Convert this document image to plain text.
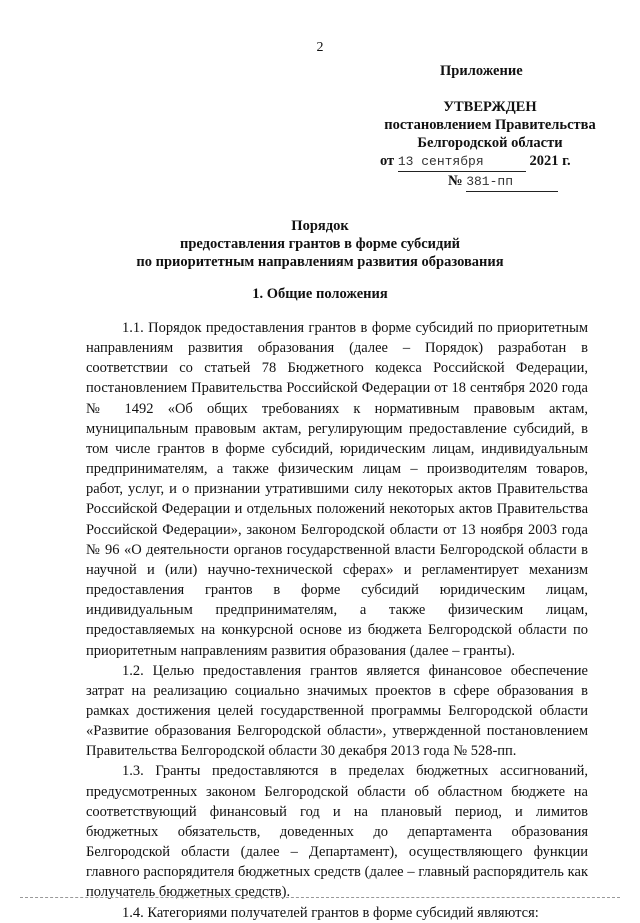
2
Приложение
УТВЕРЖДЕН
постановлением Правительства
Белгородской области
от 13 сентября	2021 г.
№ 381-пп
Порядок
предоставления грантов в форме субсидий
по приоритетным направлениям развития образования
1. Общие положения

1.1. Порядок предоставления грантов в форме субсидий по приоритетным направлениям развития образования (далее – Порядок) разработан в соответствии со статьей 78 Бюджетного кодекса Российской Федерации, постановлением Правительства Российской Федерации от 18 сентября 2020 года № 1492 «Об общих требованиях к нормативным правовым актам, муниципальным правовым актам, регулирующим предоставление субсидий, в том числе грантов в форме субсидий, юридическим лицам, индивидуальным предпринимателям, а также физическим лицам – производителям товаров, работ, услуг, и о признании утратившими силу некоторых актов Правительства Российской Федерации и отдельных положений некоторых актов Правительства Российской Федерации», законом Белгородской области от 13 ноября 2003 года № 96 «О деятельности органов государственной власти Белгородской области в научной и (или) научно-технической сферах» и регламентирует механизм предоставления грантов в форме субсидий юридическим лицам, индивидуальным предпринимателям, а также физическим лицам, предоставляемых на конкурсной основе из бюджета Белгородской области по приоритетным направлениям развития образования (далее – гранты).

1.2. Целью предоставления грантов является финансовое обеспечение затрат на реализацию социально значимых проектов в сфере образования в рамках достижения целей государственной программы Белгородской области «Развитие образования Белгородской области», утвержденной постановлением Правительства Белгородской области 30 декабря 2013 года № 528-пп.

1.3. Гранты предоставляются в пределах бюджетных ассигнований, предусмотренных законом Белгородской области об областном бюджете на соответствующий финансовый год и на плановый период, и лимитов бюджетных обязательств, доведенных до департамента образования Белгородской области (далее – Департамент), осуществляющего функции главного распорядителя бюджетных средств (далее – главный распорядитель как получатель бюджетных средств).

1.4. Категориями получателей грантов в форме субсидий являются:
